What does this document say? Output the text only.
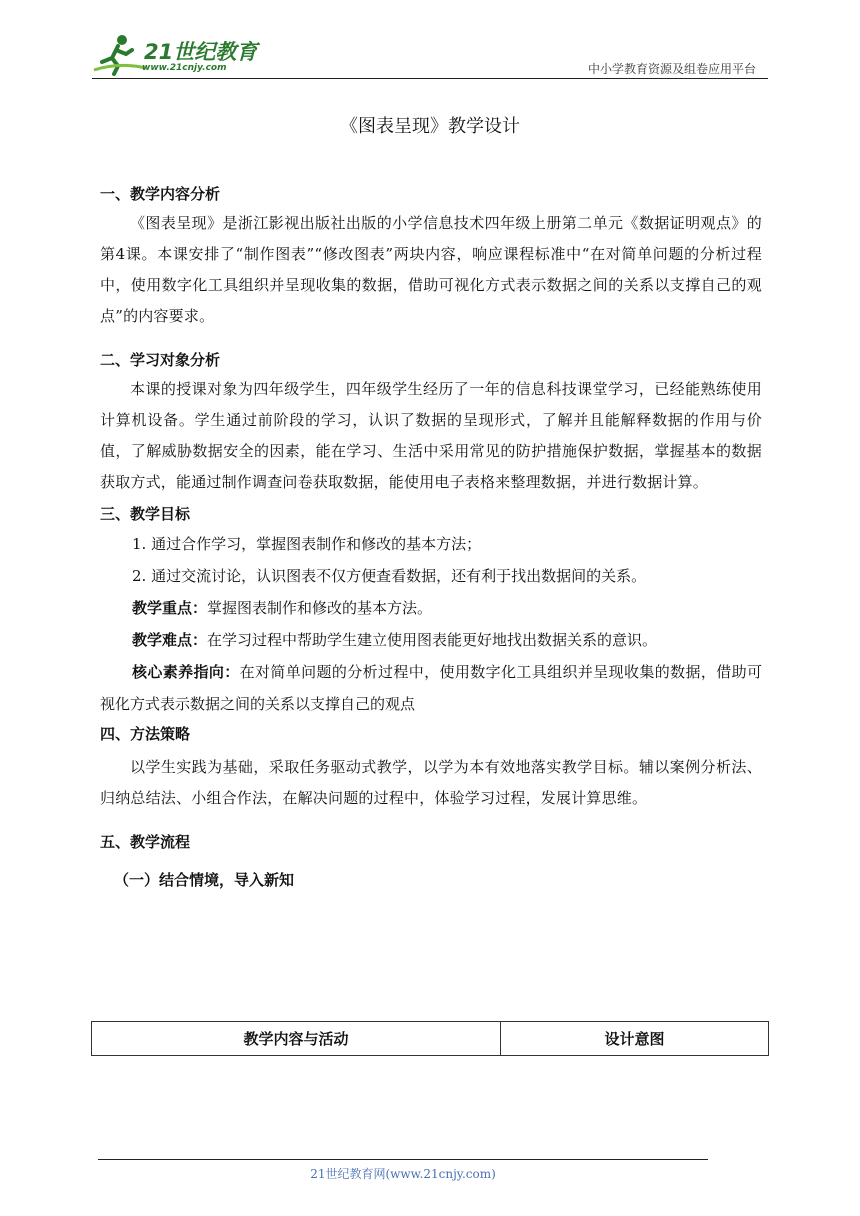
21世纪教育
www.21cnjy.com	中小学教育资源及组卷应用平台
《图表呈现》教学设计

一、教学内容分析

《图表呈现》是浙江影视出版社出版的小学信息技术四年级上册第二单元《数据证明观点》的第4课。本课安排了“制作图表”“修改图表”两块内容，响应课程标准中“在对简单问题的分析过程中，使用数字化工具组织并呈现收集的数据，借助可视化方式表示数据之间的关系以支撑自己的观点”的内容要求。

二、学习对象分析

本课的授课对象为四年级学生，四年级学生经历了一年的信息科技课堂学习，已经能熟练使用计算机设备。学生通过前阶段的学习，认识了数据的呈现形式，了解并且能解释数据的作用与价值，了解威胁数据安全的因素，能在学习、生活中采用常见的防护措施保护数据，掌握基本的数据获取方式，能通过制作调查问卷获取数据，能使用电子表格来整理数据，并进行数据计算。

三、教学目标

1. 通过合作学习，掌握图表制作和修改的基本方法；

2. 通过交流讨论，认识图表不仅方便查看数据，还有利于找出数据间的关系。

教学重点：掌握图表制作和修改的基本方法。

教学难点：在学习过程中帮助学生建立使用图表能更好地找出数据关系的意识。

核心素养指向：在对简单问题的分析过程中，使用数字化工具组织并呈现收集的数据，借助可视化方式表示数据之间的关系以支撑自己的观点

四、方法策略

以学生实践为基础，采取任务驱动式教学，以学为本有效地落实教学目标。辅以案例分析法、归纳总结法、小组合作法，在解决问题的过程中，体验学习过程，发展计算思维。

五、教学流程

（一）结合情境，导入新知

教学内容与活动	设计意图
21世纪教育网(www.21cnjy.com)
